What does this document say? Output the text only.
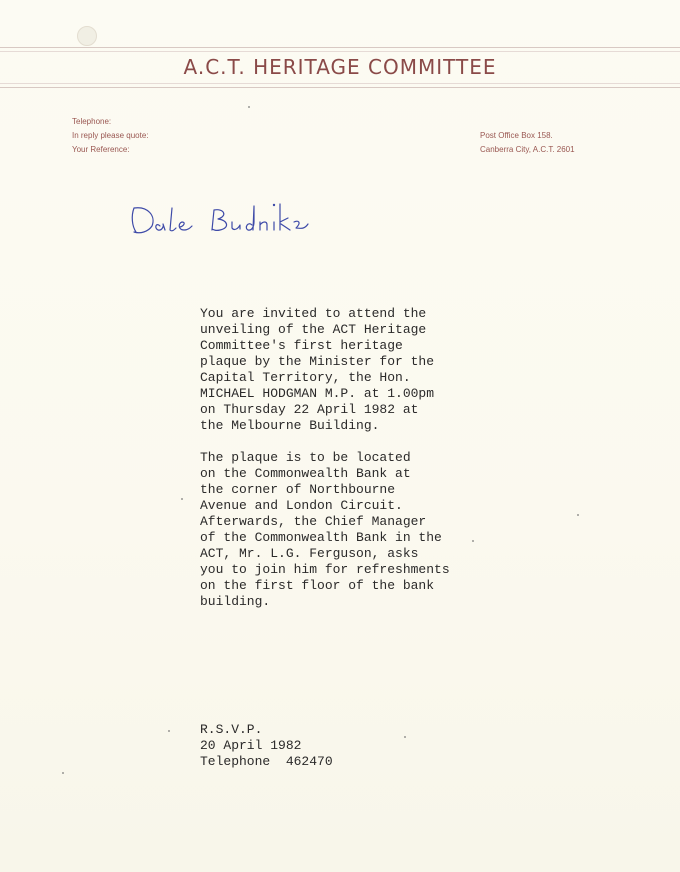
A.C.T. HERITAGE COMMITTEE
Telephone:
In reply please quote:
Your Reference:
Post Office Box 158.
Canberra City, A.C.T. 2601
You are invited to attend the
unveiling of the ACT Heritage
Committee's first heritage
plaque by the Minister for the
Capital Territory, the Hon.
MICHAEL HODGMAN M.P. at 1.00pm
on Thursday 22 April 1982 at
the Melbourne Building.
The plaque is to be located
on the Commonwealth Bank at
the corner of Northbourne
Avenue and London Circuit.
Afterwards, the Chief Manager
of the Commonwealth Bank in the
ACT, Mr. L.G. Ferguson, asks
you to join him for refreshments
on the first floor of the bank
building.
R.S.V.P.
20 April 1982
Telephone  462470
